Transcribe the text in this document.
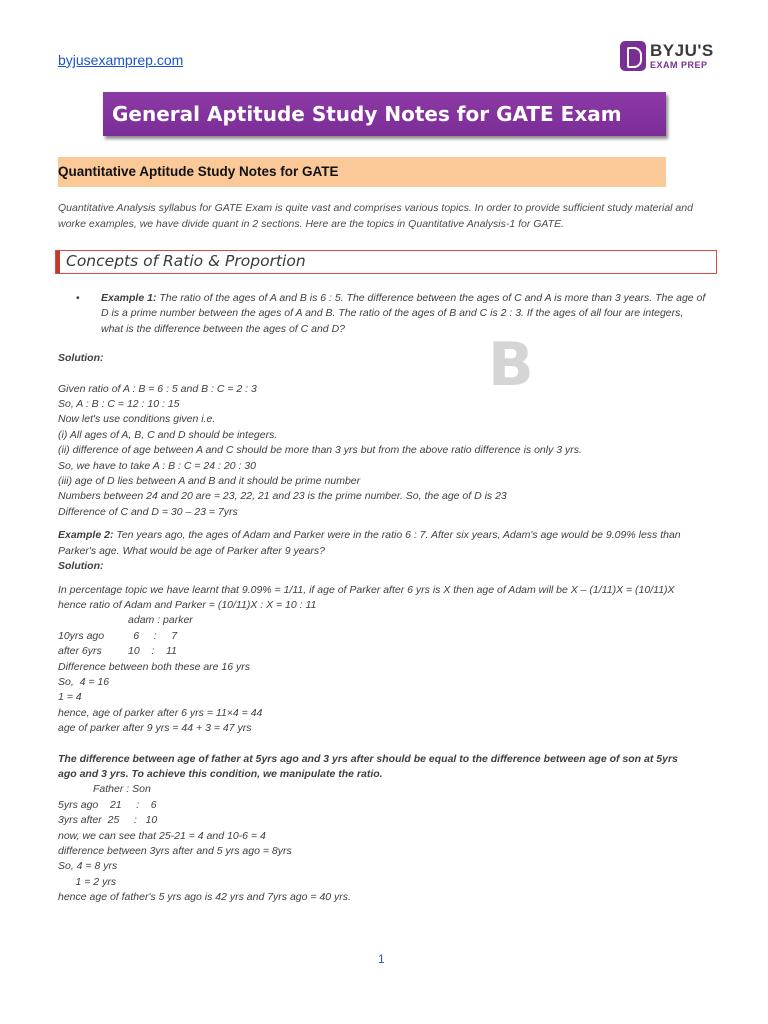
byjusexamprep.com	BYJU'S
EXAM PREP
General Aptitude Study Notes for GATE Exam
Quantitative Aptitude Study Notes for GATE
Quantitative Analysis syllabus for GATE Exam is quite vast and comprises various topics. In order to provide sufficient study material and
worke examples, we have divide quant in 2 sections. Here are the topics in Quantitative Analysis-1 for GATE.
Concepts of Ratio & Proportion
B

• Example 1: The ratio of the ages of A and B is 6 : 5. The difference between the ages of C and A is more than 3 years. The age of
D is a prime number between the ages of A and B. The ratio of the ages of B and C is 2 : 3. If the ages of all four are integers,
what is the difference between the ages of C and D?

Solution:

Given ratio of A : B = 6 : 5 and B : C = 2 : 3

So, A : B : C = 12 : 10 : 15

Now let's use conditions given i.e.

(i) All ages of A, B, C and D should be integers.

(ii) difference of age between A and C should be more than 3 yrs but from the above ratio difference is only 3 yrs.

So, we have to take A : B : C = 24 : 20 : 30

(iii) age of D lies between A and B and it should be prime number

Numbers between 24 and 20 are = 23, 22, 21 and 23 is the prime number. So, the age of D is 23

Difference of C and D = 30 – 23 = 7yrs

Example 2: Ten years ago, the ages of Adam and Parker were in the ratio 6 : 7. After six years, Adam's age would be 9.09% less than

Parker's age. What would be age of Parker after 9 years?

Solution:

In percentage topic we have learnt that 9.09% = 1/11, if age of Parker after 6 yrs is X then age of Adam will be X – (1/11)X = (10/11)X

hence ratio of Adam and Parker = (10/11)X : X = 10 : 11

adam : parker

10yrs ago          6     :     7

after 6yrs         10    :    11

Difference between both these are 16 yrs

So,  4 = 16

1 = 4

hence, age of parker after 6 yrs = 11×4 = 44

age of parker after 9 yrs = 44 + 3 = 47 yrs

The difference between age of father at 5yrs ago and 3 yrs after should be equal to the difference between age of son at 5yrs

ago and 3 yrs. To achieve this condition, we manipulate the ratio.

Father : Son

5yrs ago    21     :    6

3yrs after  25     :   10

now, we can see that 25-21 = 4 and 10-6 = 4

difference between 3yrs after and 5 yrs ago = 8yrs

So, 4 = 8 yrs

1 = 2 yrs

hence age of father's 5 yrs ago is 42 yrs and 7yrs ago = 40 yrs.

1
